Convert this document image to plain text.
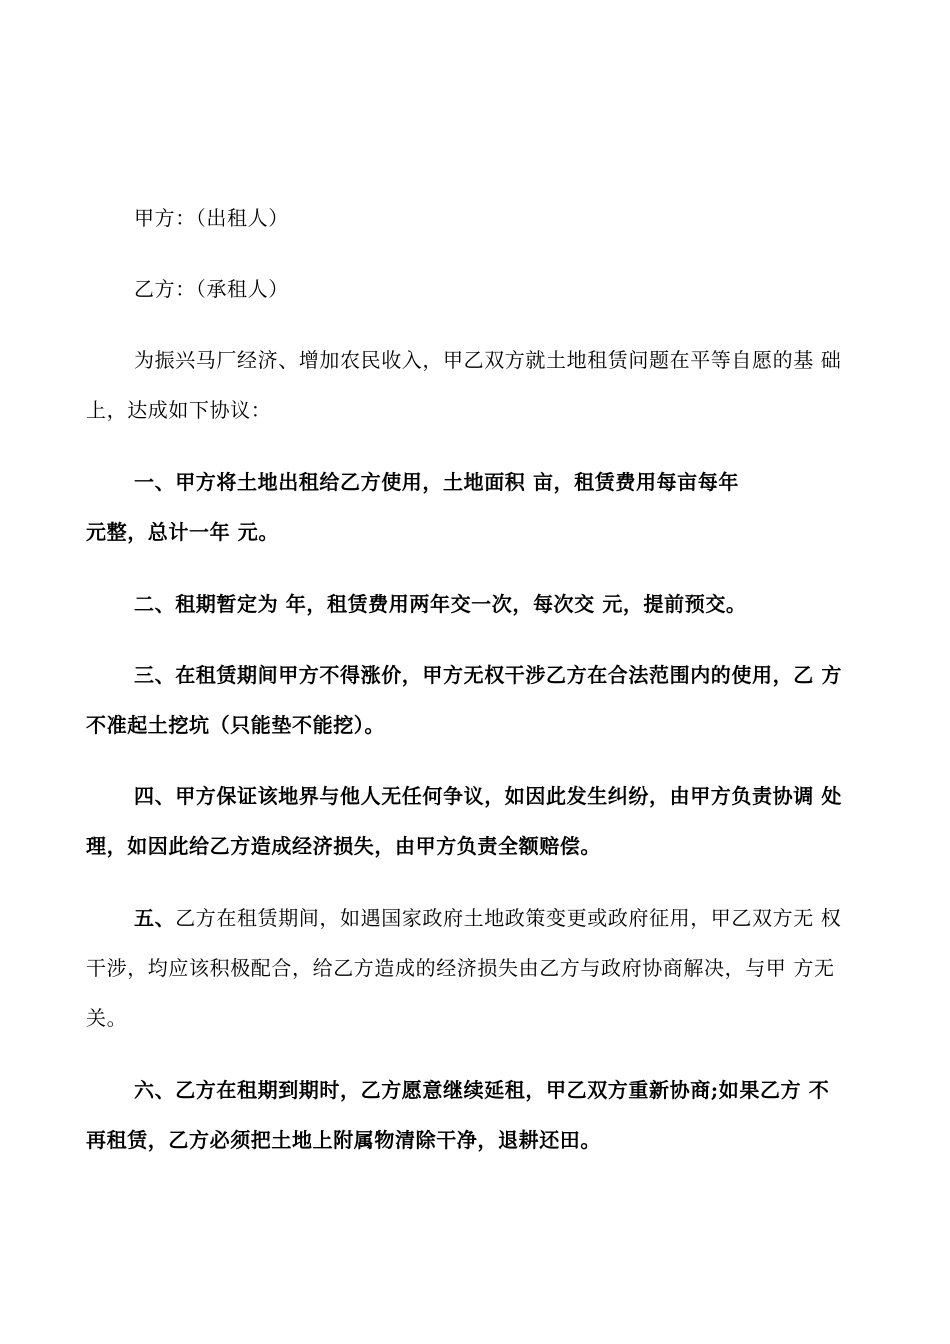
甲方：（出租人）
乙方：（承租人）
为振兴马厂经济、增加农民收入，甲乙双方就土地租赁问题在平等自愿的基 础
上，达成如下协议：
一、甲方将土地出租给乙方使用，土地面积 亩，租赁费用每亩每年
元整，总计一年 元。
二、租期暂定为 年，租赁费用两年交一次，每次交 元，提前预交。
三、在租赁期间甲方不得涨价，甲方无权干涉乙方在合法范围内的使用，乙 方
不准起土挖坑（只能垫不能挖）。
四、甲方保证该地界与他人无任何争议，如因此发生纠纷，由甲方负责协调 处
理，如因此给乙方造成经济损失，由甲方负责全额赔偿。
五、乙方在租赁期间，如遇国家政府土地政策变更或政府征用，甲乙双方无 权
干涉，均应该积极配合，给乙方造成的经济损失由乙方与政府协商解决，与甲 方无
关。
六、乙方在租期到期时，乙方愿意继续延租，甲乙双方重新协商;如果乙方 不
再租赁，乙方必须把土地上附属物清除干净，退耕还田。
